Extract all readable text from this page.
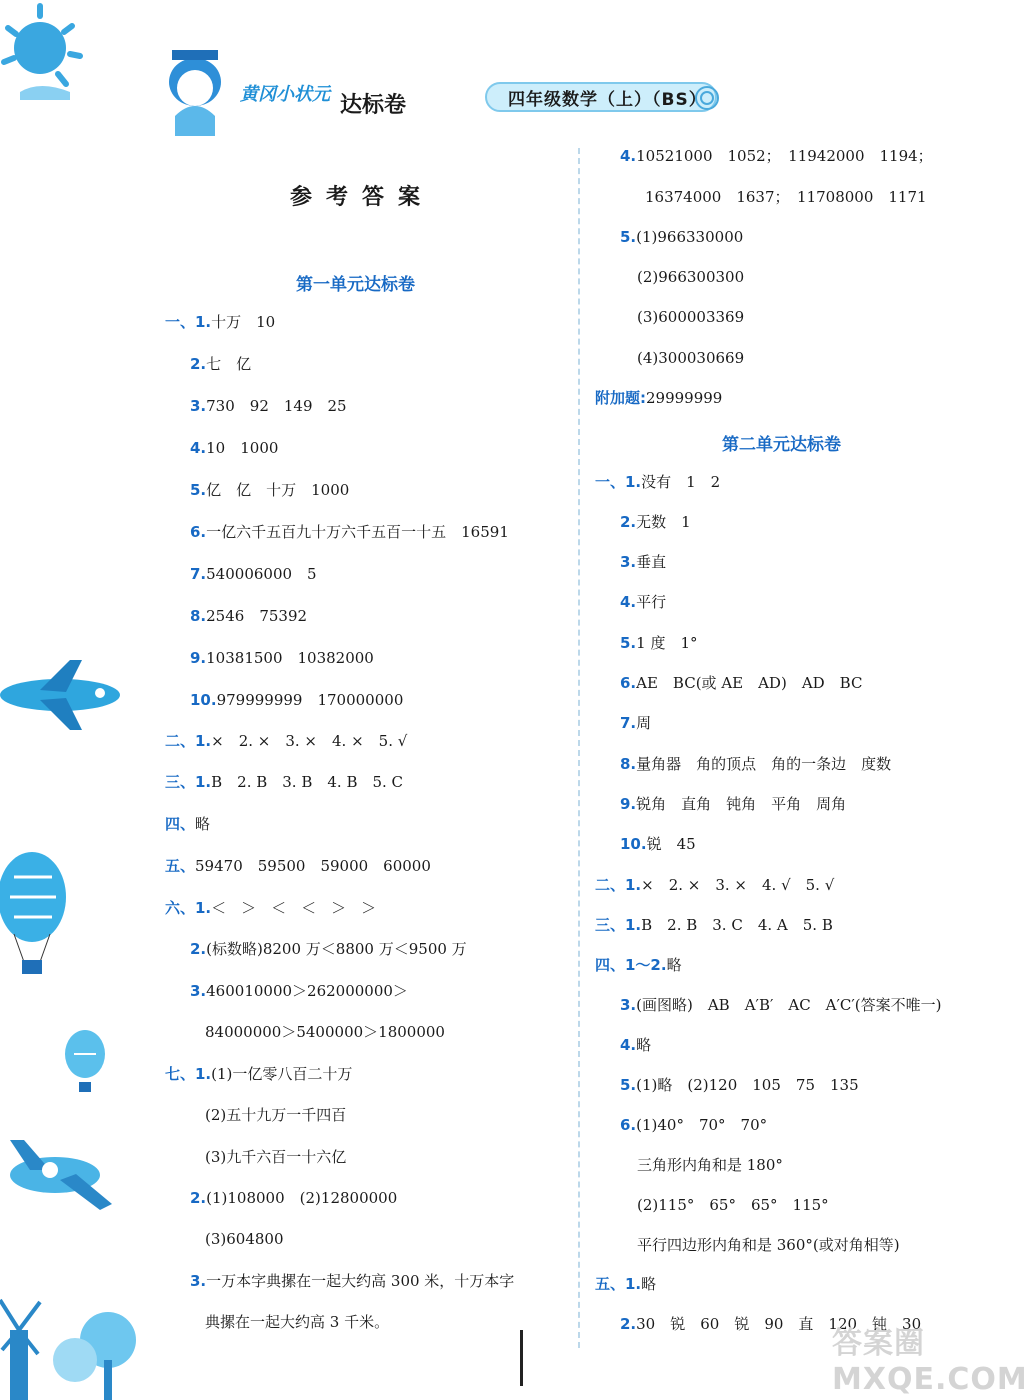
黄冈小状元 达标卷	四年级数学（上）（BS）
参考答案
第一单元达标卷
一、1.十万　10
2.七　亿
3.730　92　149　25
4.10　1000
5.亿　亿　十万　1000
6.一亿六千五百九十万六千五百一十五　16591
7.540006000　5
8.2546　75392
9.10381500　10382000
10.979999999　170000000
二、1.×　2. ×　3. ×　4. ×　5. √
三、1.B　2. B　3. B　4. B　5. C
四、略
五、59470　59500　59000　60000
六、1.＜　＞　＜　＜　＞　＞
2.(标数略)8200 万＜8800 万＜9500 万
3.460010000＞262000000＞
84000000＞5400000＞1800000
七、1.(1)一亿零八百二十万
(2)五十九万一千四百
(3)九千六百一十六亿
2.(1)108000　(2)12800000
(3)604800
3.一万本字典摞在一起大约高 300 米，十万本字
典摞在一起大约高 3 千米。
4.10521000　1052；　11942000　1194；
16374000　1637；　11708000　1171
5.(1)966330000
(2)966300300
(3)600003369
(4)300030669
附加题:29999999
第二单元达标卷
一、1.没有　1　2
2.无数　1
3.垂直
4.平行
5.1 度　1°
6.AE　BC(或 AE　AD)　AD　BC
7.周
8.量角器　角的顶点　角的一条边　度数
9.锐角　直角　钝角　平角　周角
10.锐　45
二、1.×　2. ×　3. ×　4. √　5. √
三、1.B　2. B　3. C　4. A　5. B
四、1～2.略
3.(画图略)　AB　A′B′　AC　A′C′(答案不唯一)
4.略
5.(1)略　(2)120　105　75　135
6.(1)40°　70°　70°
三角形内角和是 180°
(2)115°　65°　65°　115°
平行四边形内角和是 360°(或对角相等)
五、1.略
2.30　锐　60　锐　90　直　120　钝　30
答案圈 MXQE.COM
